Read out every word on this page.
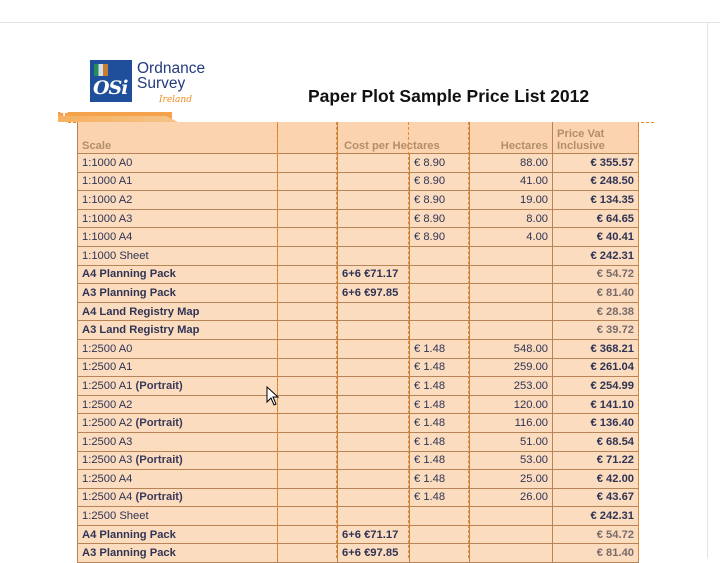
OSi
Ordnance
Survey
Ireland	Paper Plot Sample Price List 2012
+
Scale		Cost per Hectares		Hectares	Price Vat Inclusive
1:1000 A0			€ 8.90	88.00	€ 355.57
1:1000 A1			€ 8.90	41.00	€ 248.50
1:1000 A2			€ 8.90	19.00	€ 134.35
1:1000 A3			€ 8.90	8.00	€ 64.65
1:1000 A4			€ 8.90	4.00	€ 40.41
1:1000 Sheet					€ 242.31
A4 Planning Pack		6+6 €71.17			€ 54.72
A3 Planning Pack		6+6 €97.85			€ 81.40
A4 Land Registry Map					€ 28.38
A3 Land Registry Map					€ 39.72
1:2500 A0			€ 1.48	548.00	€ 368.21
1:2500 A1			€ 1.48	259.00	€ 261.04
1:2500 A1 (Portrait)			€ 1.48	253.00	€ 254.99
1:2500 A2			€ 1.48	120.00	€ 141.10
1:2500 A2 (Portrait)			€ 1.48	116.00	€ 136.40
1:2500 A3			€ 1.48	51.00	€ 68.54
1:2500 A3 (Portrait)			€ 1.48	53.00	€ 71.22
1:2500 A4			€ 1.48	25.00	€ 42.00
1:2500 A4 (Portrait)			€ 1.48	26.00	€ 43.67
1:2500 Sheet					€ 242.31
A4 Planning Pack		6+6 €71.17			€ 54.72
A3 Planning Pack		6+6 €97.85			€ 81.40
